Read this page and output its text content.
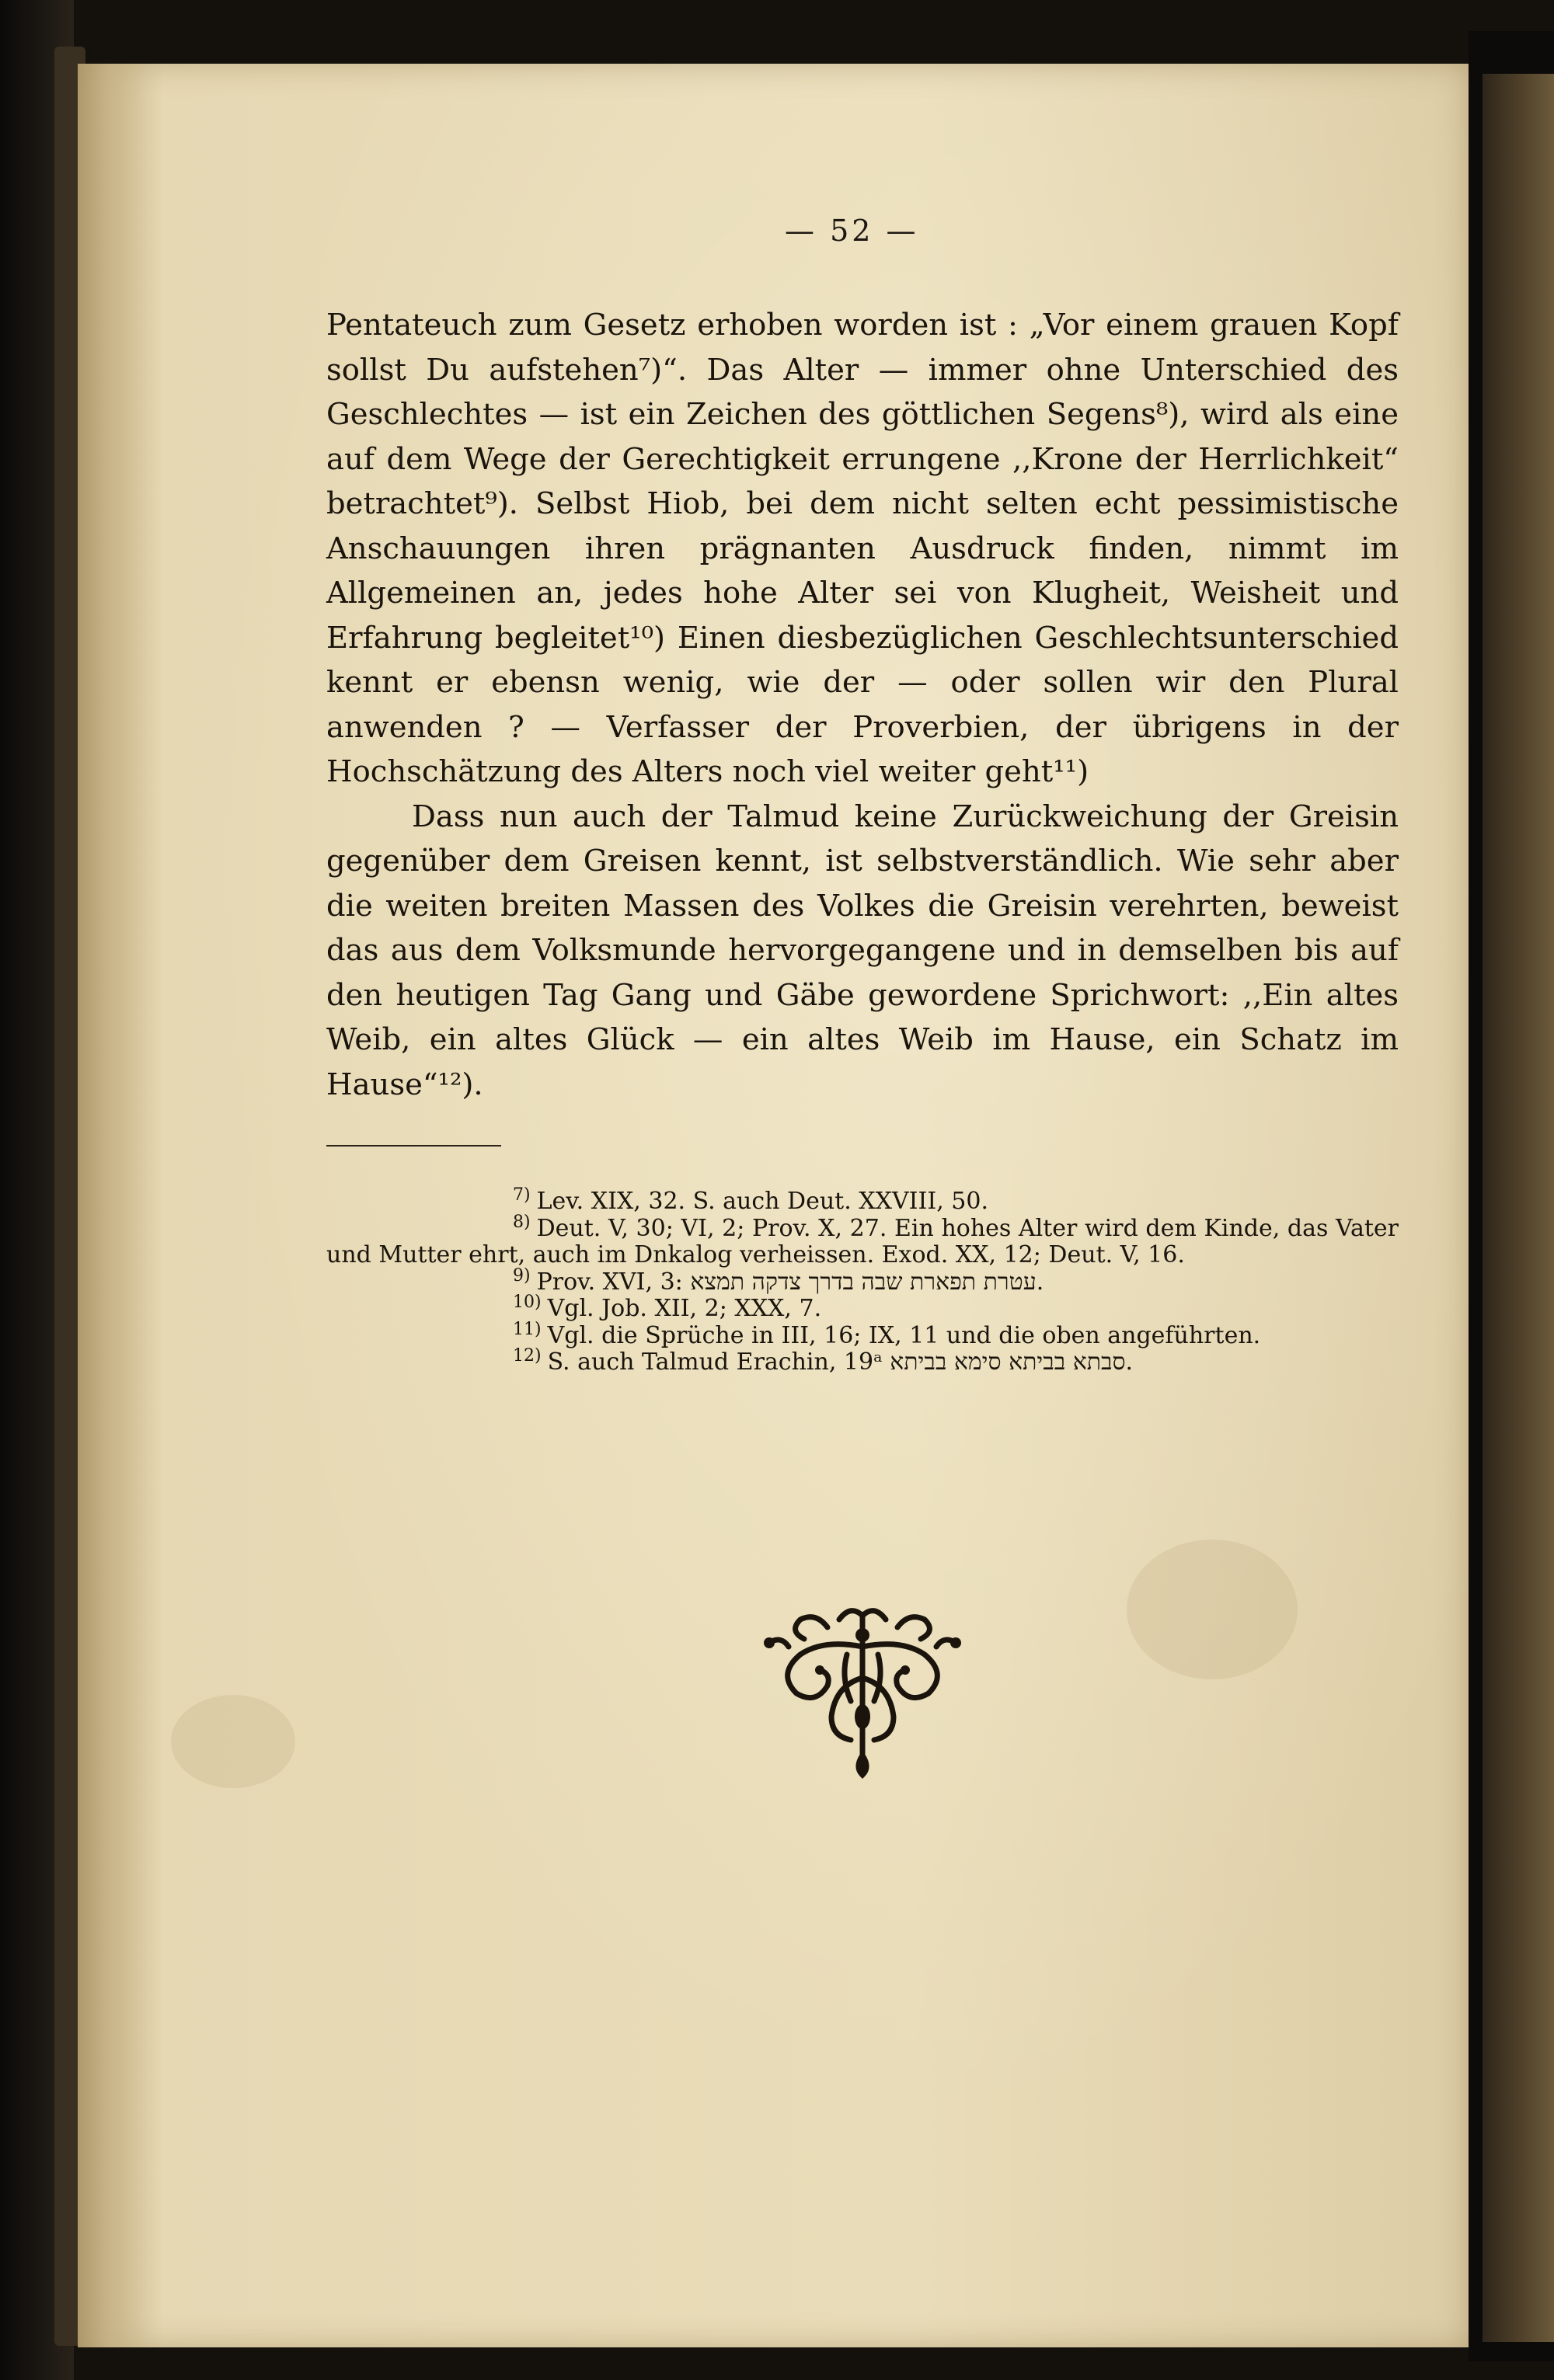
— 52 —

Pentateuch zum Gesetz erhoben worden ist : „Vor einem grauen Kopf sollst Du aufstehen⁷)“. Das Alter — immer ohne Unterschied des Geschlechtes — ist ein Zeichen des göttlichen Segens⁸), wird als eine auf dem Wege der Gerechtigkeit errungene ,,Krone der Herrlichkeit“ betrachtet⁹). Selbst Hiob, bei dem nicht selten echt pessimistische Anschauungen ihren prägnanten Ausdruck finden, nimmt im Allgemeinen an, jedes hohe Alter sei von Klugheit, Weisheit und Erfahrung begleitet¹⁰) Einen diesbezüglichen Geschlechtsunterschied kennt er ebensn wenig, wie der — oder sollen wir den Plural anwenden ? — Verfasser der Proverbien, der übrigens in der Hochschätzung des Alters noch viel weiter geht¹¹)

Dass nun auch der Talmud keine Zurückweichung der Greisin gegenüber dem Greisen kennt, ist selbstverständlich. Wie sehr aber die weiten breiten Massen des Volkes die Greisin verehrten, beweist das aus dem Volksmunde hervorgegangene und in demselben bis auf den heutigen Tag Gang und Gäbe gewordene Sprichwort: ,,Ein altes Weib, ein altes Glück — ein altes Weib im Hause, ein Schatz im Hause“¹²).

7) Lev. XIX, 32. S. auch Deut. XXVIII, 50.

8) Deut. V, 30; VI, 2; Prov. X, 27. Ein hohes Alter wird dem Kinde, das Vater und Mutter ehrt, auch im Dnkalog verheissen. Exod. XX, 12; Deut. V, 16.

9) Prov. XVI, 3: עטרת תפארת שבה בדרך צדקה תמצא.

10) Vgl. Job. XII, 2; XXX, 7.

11) Vgl. die Sprüche in III, 16; IX, 11 und die oben angeführten.

12) S. auch Talmud Erachin, 19ᵃ סבתא בביתא סימא בביתא.
